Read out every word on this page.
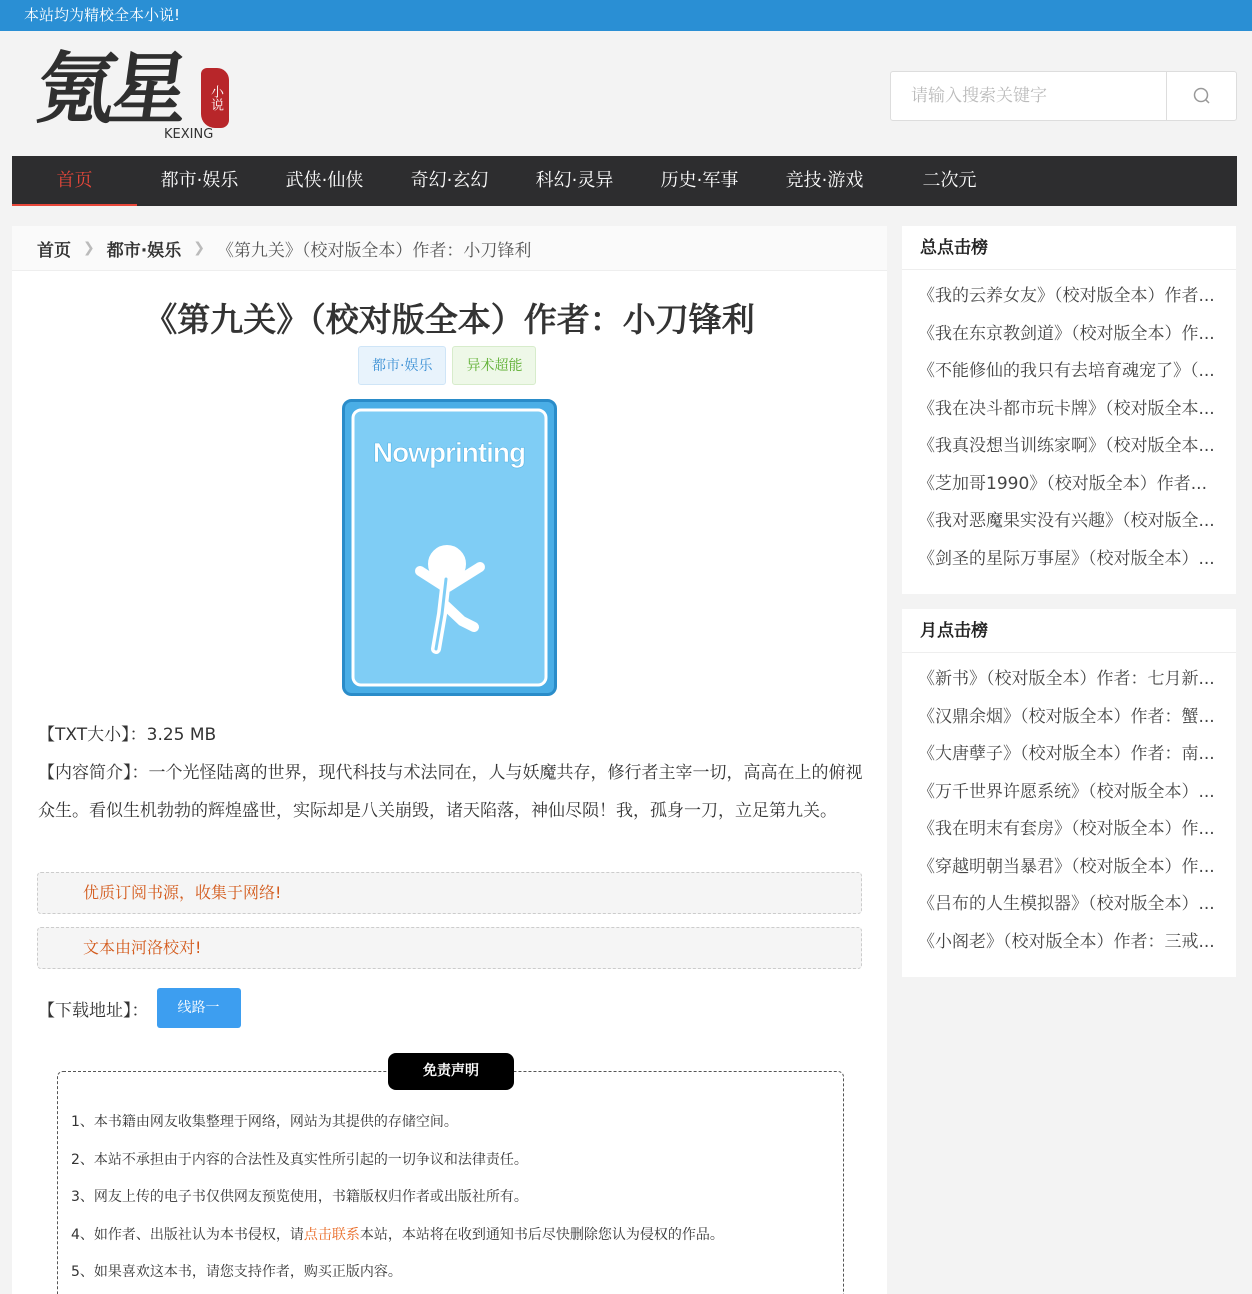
本站均为精校全本小说!
氪星	小说
KEXING
请输入搜索关键字
首页	都市·娱乐	武侠·仙侠	奇幻·玄幻	科幻·灵异	历史·军事	竞技·游戏	二次元
首页 ❯ 都市·娱乐 ❯ 《第九关》（校对版全本）作者：小刀锋利
《第九关》（校对版全本）作者：小刀锋利
都市·娱乐	异术超能
Nowprinting
【TXT大小】：3.25 MB
【内容简介】：一个光怪陆离的世界，现代科技与术法同在，人与妖魔共存，修行者主宰一切，高高在上的俯视众生。看似生机勃勃的辉煌盛世，实际却是八关崩毁，诸天陷落，神仙尽陨！我，孤身一刀，立足第九关。
优质订阅书源，收集于网络!
文本由河洛校对!
【下载地址】：	线路一
免责声明
1、本书籍由网友收集整理于网络，网站为其提供的存储空间。
2、本站不承担由于内容的合法性及真实性所引起的一切争议和法律责任。
3、网友上传的电子书仅供网友预览使用，书籍版权归作者或出版社所有。
4、如作者、出版社认为本书侵权，请点击联系本站，本站将在收到通知书后尽快删除您认为侵权的作品。
5、如果喜欢这本书，请您支持作者，购买正版内容。
总点击榜
《我的云养女友》（校对版全本）作者...
《我在东京教剑道》（校对版全本）作...
《不能修仙的我只有去培育魂宠了》（...
《我在决斗都市玩卡牌》（校对版全本...
《我真没想当训练家啊》（校对版全本...
《芝加哥1990》（校对版全本）作者...
《我对恶魔果实没有兴趣》（校对版全...
《剑圣的星际万事屋》（校对版全本）...
月点击榜
《新书》（校对版全本）作者：七月新...
《汉鼎余烟》（校对版全本）作者：蟹...
《大唐孽子》（校对版全本）作者：南...
《万千世界许愿系统》（校对版全本）...
《我在明末有套房》（校对版全本）作...
《穿越明朝当暴君》（校对版全本）作...
《吕布的人生模拟器》（校对版全本）...
《小阁老》（校对版全本）作者：三戒...
